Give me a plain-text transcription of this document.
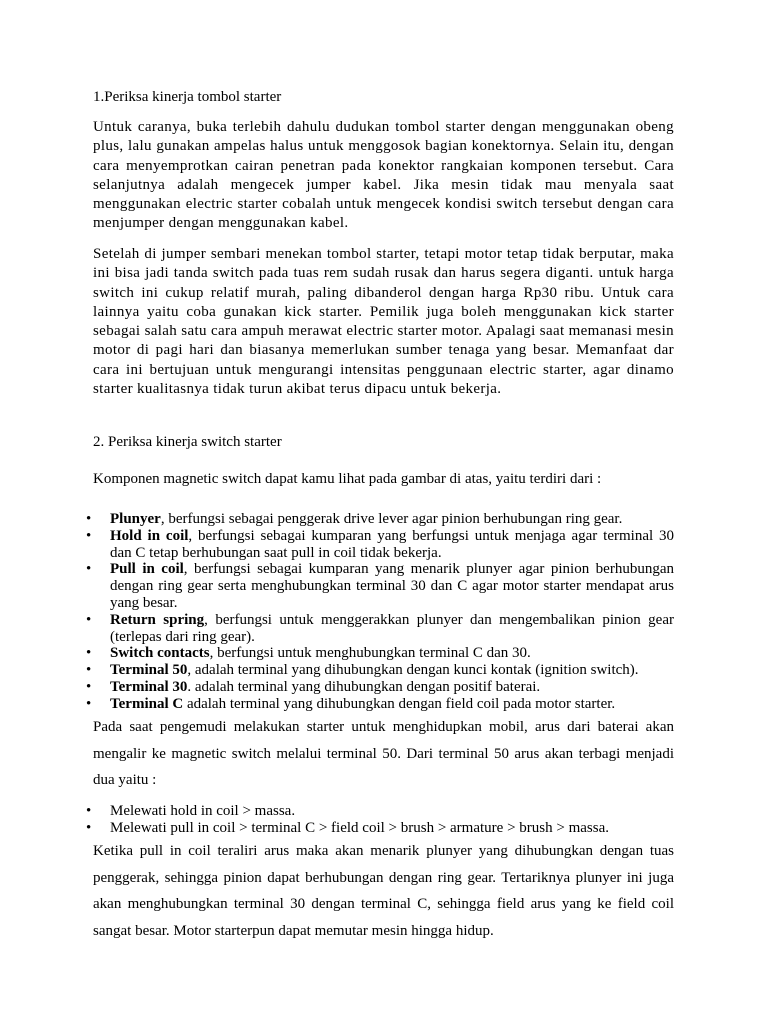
1.Periksa kinerja tombol starter

Untuk caranya, buka terlebih dahulu dudukan tombol starter dengan menggunakan obeng plus, lalu gunakan ampelas halus untuk menggosok bagian konektornya. Selain itu, dengan cara menyemprotkan cairan penetran pada konektor rangkaian komponen tersebut. Cara selanjutnya adalah mengecek jumper kabel. Jika mesin tidak mau menyala saat menggunakan electric starter cobalah untuk mengecek kondisi switch tersebut dengan cara menjumper dengan menggunakan kabel.

Setelah di jumper sembari menekan tombol starter, tetapi motor tetap tidak berputar, maka ini bisa jadi tanda switch pada tuas rem sudah rusak dan harus segera diganti. untuk harga switch ini cukup relatif murah, paling dibanderol dengan harga Rp30 ribu. Untuk cara lainnya yaitu coba gunakan kick starter. Pemilik juga boleh menggunakan kick starter sebagai salah satu cara ampuh merawat electric starter motor. Apalagi saat memanasi mesin motor di pagi hari dan biasanya memerlukan sumber tenaga yang besar. Memanfaat dar cara ini bertujuan untuk mengurangi intensitas penggunaan electric starter, agar dinamo starter kualitasnya tidak turun akibat terus dipacu untuk bekerja.

2. Periksa kinerja switch starter
Komponen magnetic switch dapat kamu lihat pada gambar di atas, yaitu terdiri dari :
• Plunyer, berfungsi sebagai penggerak drive lever agar pinion berhubungan ring gear.
• Hold in coil, berfungsi sebagai kumparan yang berfungsi untuk menjaga agar terminal 30 dan C tetap berhubungan saat pull in coil tidak bekerja.
• Pull in coil, berfungsi sebagai kumparan yang menarik plunyer agar pinion berhubungan dengan ring gear serta menghubungkan terminal 30 dan C agar motor starter mendapat arus yang besar.
• Return spring, berfungsi untuk menggerakkan plunyer dan mengembalikan pinion gear (terlepas dari ring gear).
• Switch contacts, berfungsi untuk menghubungkan terminal C dan 30.
• Terminal 50, adalah terminal yang dihubungkan dengan kunci kontak (ignition switch).
• Terminal 30. adalah terminal yang dihubungkan dengan positif baterai.
• Terminal C adalah terminal yang dihubungkan dengan field coil pada motor starter.

Pada saat pengemudi melakukan starter untuk menghidupkan mobil, arus dari baterai akan mengalir ke magnetic switch melalui terminal 50. Dari terminal 50 arus akan terbagi menjadi dua yaitu :

• Melewati hold in coil > massa.
• Melewati pull in coil > terminal C > field coil > brush > armature > brush > massa.

Ketika pull in coil teraliri arus maka akan menarik plunyer yang dihubungkan dengan tuas penggerak, sehingga pinion dapat berhubungan dengan ring gear. Tertariknya plunyer ini juga akan menghubungkan terminal 30 dengan terminal C, sehingga field arus yang ke field coil sangat besar. Motor starterpun dapat memutar mesin hingga hidup.
